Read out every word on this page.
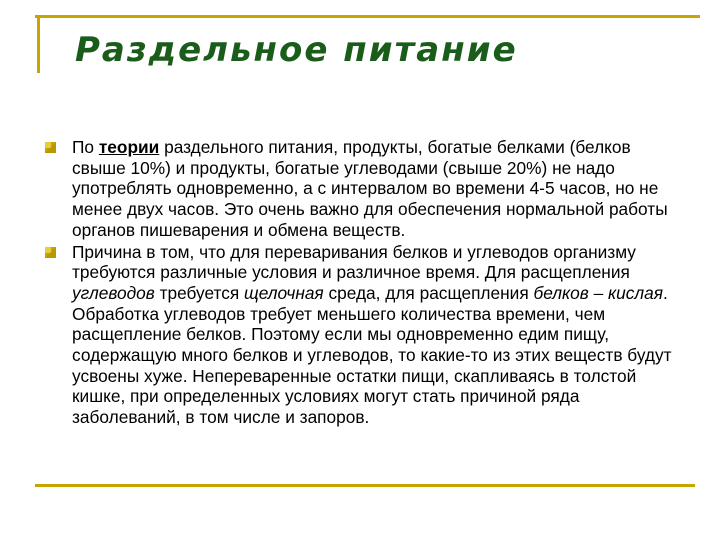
Раздельное питание
По теории раздельного питания, продукты, богатые белками (белков свыше 10%) и продукты, богатые углеводами (свыше 20%) не надо употреблять одновременно, а с интервалом во времени 4-5 часов, но не менее двух часов. Это очень важно для обеспечения нормальной работы органов пишеварения и обмена веществ.
Причина в том, что для переваривания белков и углеводов организму требуются различные условия и различное время. Для расщепления углеводов требуется щелочная среда, для расщепления белков – кислая. Обработка углеводов требует меньшего количества времени, чем расщепление белков. Поэтому если мы одновременно едим пищу, содержащую много белков и углеводов, то какие-то из этих веществ будут усвоены хуже. Непереваренные остатки пищи, скапливаясь в толстой кишке, при определенных условиях могут стать причиной ряда заболеваний, в том числе и запоров.
